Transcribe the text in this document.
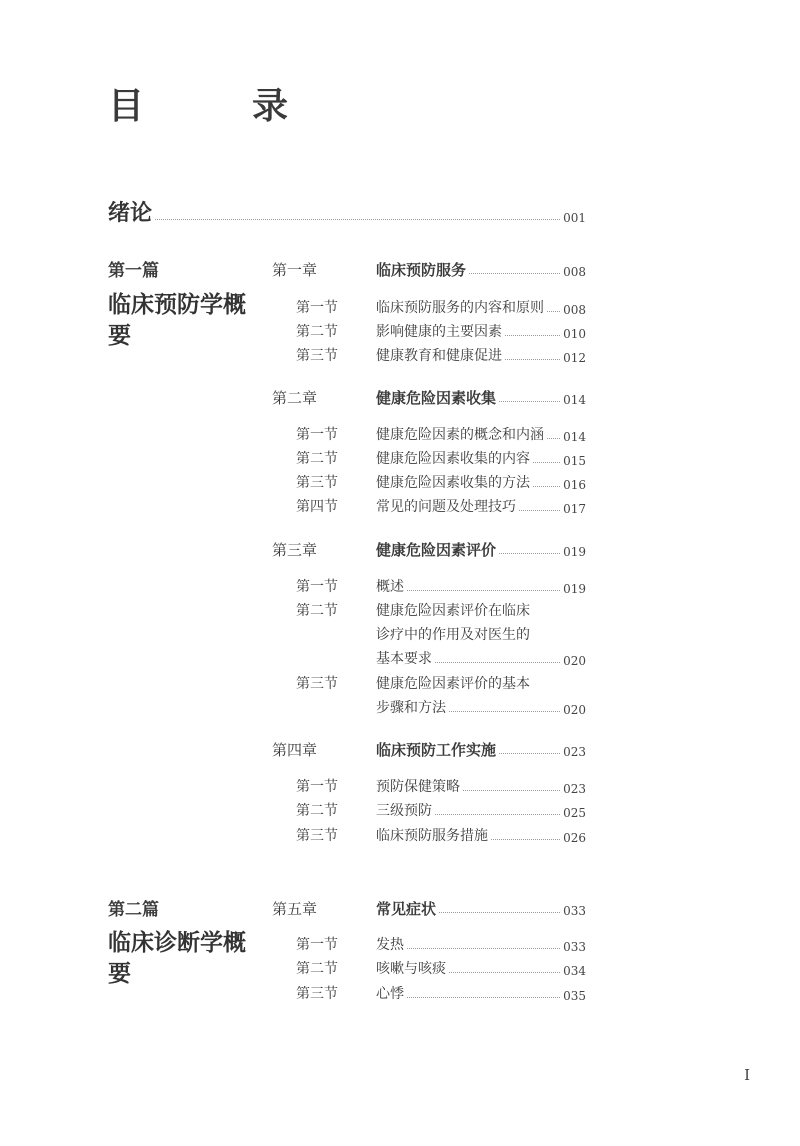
目　录
绪论	001
第一篇
临床预防学概要
第一章	临床预防服务	008
第一节	临床预防服务的内容和原则 008
第二节	影响健康的主要因素	010
第三节	健康教育和健康促进	012
第二章	健康危险因素收集	014
第一节	健康危险因素的概念和内涵 014
第二节	健康危险因素收集的内容	015
第三节	健康危险因素收集的方法	016
第四节	常见的问题及处理技巧	017
第三章	健康危险因素评价	019
第一节	概述	019
第二节	健康危险因素评价在临床
诊疗中的作用及对医生的
基本要求	020
第三节	健康危险因素评价的基本
步骤和方法	020
第四章	临床预防工作实施	023
第一节	预防保健策略	023
第二节	三级预防	025
第三节	临床预防服务措施	026
第二篇
临床诊断学概要
第五章	常见症状	033
第一节	发热	033
第二节	咳嗽与咳痰	034
第三节	心悸	035
I
